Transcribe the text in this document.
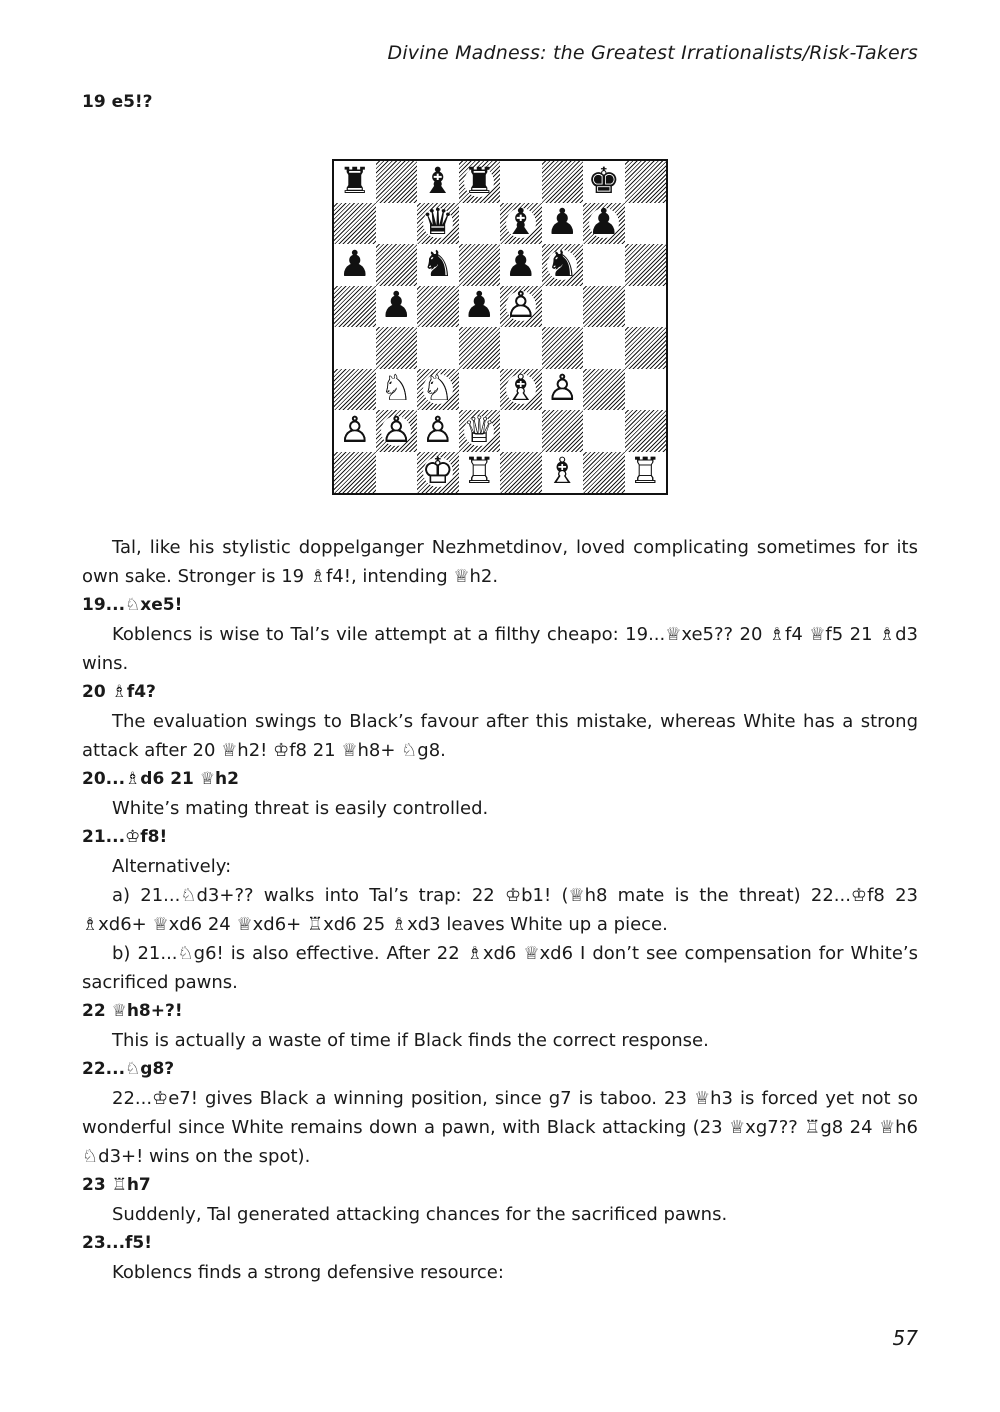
Divine Madness: the Greatest Irrationalists/Risk-Takers
19 e5!?
♜ ♝ ♜	♚
♛ ♝ ♟ ♟
♟ ♞ ♟ ♞
♟ ♟ ♙
♘ ♘ ♗ ♙
♙ ♙ ♙ ♕
♔ ♖ ♗ ♖

Tal, like his stylistic doppelganger Nezhmetdinov, loved complicating sometimes for its own sake. Stronger is 19 ♗f4!, intending ♕h2.

19...♘xe5!

Koblencs is wise to Tal’s vile attempt at a filthy cheapo: 19...♕xe5?? 20 ♗f4 ♕f5 21 ♗d3 wins.

20 ♗f4?

The evaluation swings to Black’s favour after this mistake, whereas White has a strong attack after 20 ♕h2! ♔f8 21 ♕h8+ ♘g8.

20...♗d6 21 ♕h2

White’s mating threat is easily controlled.

21...♔f8!

Alternatively:

a) 21...♘d3+?? walks into Tal’s trap: 22 ♔b1! (♕h8 mate is the threat) 22...♔f8 23 ♗xd6+ ♕xd6 24 ♕xd6+ ♖xd6 25 ♗xd3 leaves White up a piece.

b) 21...♘g6! is also effective. After 22 ♗xd6 ♕xd6 I don’t see compensation for White’s sacrificed pawns.

22 ♕h8+?!

This is actually a waste of time if Black finds the correct response.

22...♘g8?

22...♔e7! gives Black a winning position, since g7 is taboo. 23 ♕h3 is forced yet not so wonderful since White remains down a pawn, with Black attacking (23 ♕xg7?? ♖g8 24 ♕h6 ♘d3+! wins on the spot).

23 ♖h7

Suddenly, Tal generated attacking chances for the sacrificed pawns.

23...f5!

Koblencs finds a strong defensive resource:

57
